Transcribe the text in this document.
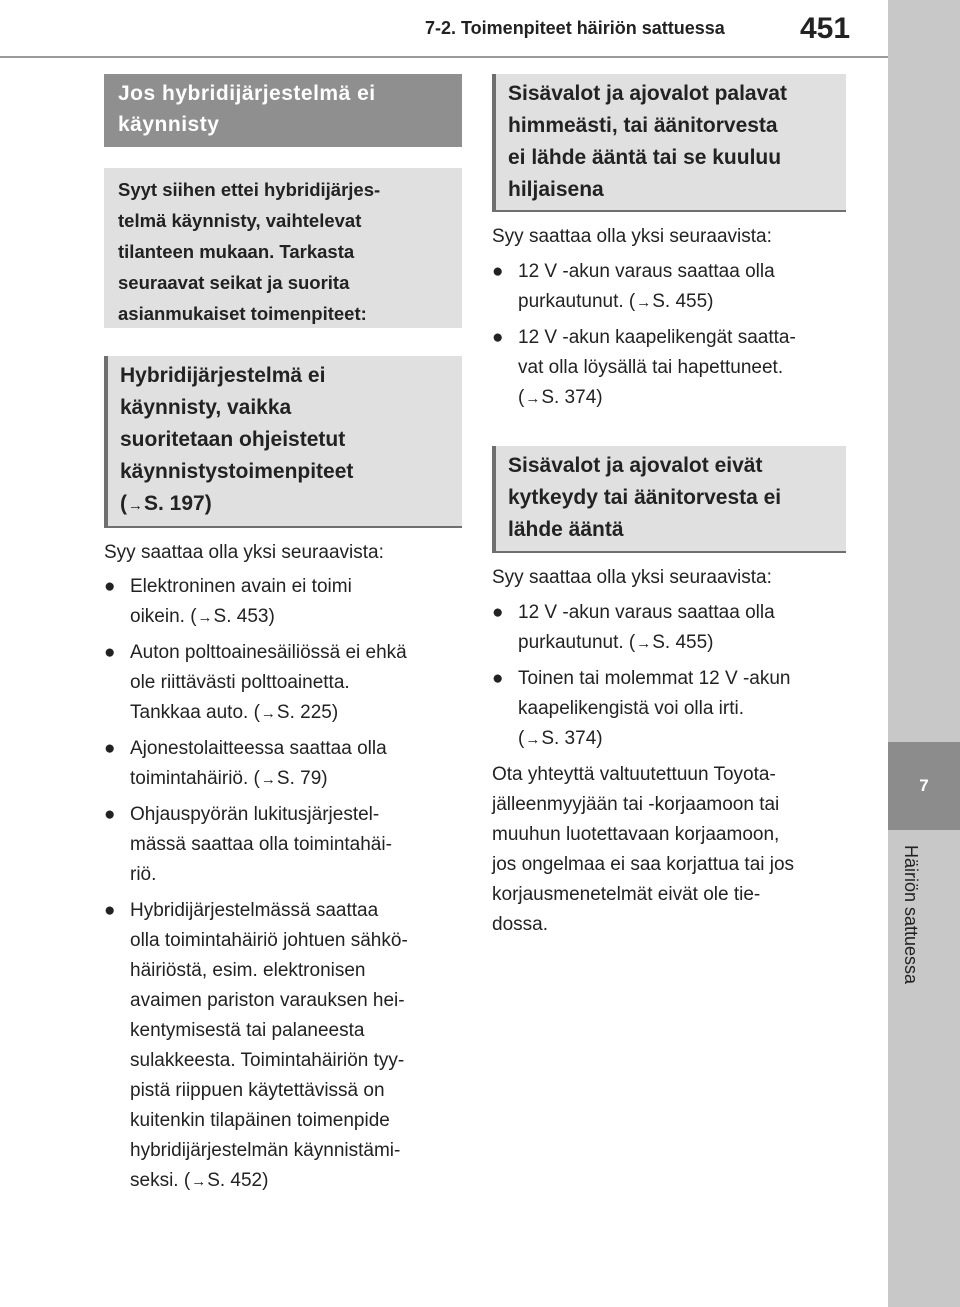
7-2. Toimenpiteet häiriön sattuessa	451
7
Häiriön sattuessa
Jos hybridijärjestelmä ei käynnisty
Syyt siihen ettei hybridijärjes-
telmä käynnisty, vaihtelevat
tilanteen mukaan. Tarkasta
seuraavat seikat ja suorita
asianmukaiset toimenpiteet:
Hybridijärjestelmä ei
käynnisty, vaikka
suoritetaan ohjeistetut
käynnistystoimenpiteet
(→S. 197)
Syy saattaa olla yksi seuraavista:
● Elektroninen avain ei toimi
oikein. (→S. 453)
● Auton polttoainesäiliössä ei ehkä
ole riittävästi polttoainetta.
Tankkaa auto. (→S. 225)
● Ajonestolaitteessa saattaa olla
toimintahäiriö. (→S. 79)
● Ohjauspyörän lukitusjärjestel-
mässä saattaa olla toimintahäi-
riö.
● Hybridijärjestelmässä saattaa
olla toimintahäiriö johtuen sähkö-
häiriöstä, esim. elektronisen
avaimen pariston varauksen hei-
kentymisestä tai palaneesta
sulakkeesta. Toimintahäiriön tyy-
pistä riippuen käytettävissä on
kuitenkin tilapäinen toimenpide
hybridijärjestelmän käynnistämi-
seksi. (→S. 452)
Sisävalot ja ajovalot palavat
himmeästi, tai äänitorvesta
ei lähde ääntä tai se kuuluu
hiljaisena
Syy saattaa olla yksi seuraavista:
● 12 V -akun varaus saattaa olla
purkautunut. (→S. 455)
● 12 V -akun kaapelikengät saatta-
vat olla löysällä tai hapettuneet.
(→S. 374)
Sisävalot ja ajovalot eivät
kytkeydy tai äänitorvesta ei
lähde ääntä
Syy saattaa olla yksi seuraavista:
● 12 V -akun varaus saattaa olla
purkautunut. (→S. 455)
● Toinen tai molemmat 12 V -akun
kaapelikengistä voi olla irti.
(→S. 374)
Ota yhteyttä valtuutettuun Toyota-
jälleenmyyjään tai -korjaamoon tai
muuhun luotettavaan korjaamoon,
jos ongelmaa ei saa korjattua tai jos
korjausmenetelmät eivät ole tie-
dossa.
